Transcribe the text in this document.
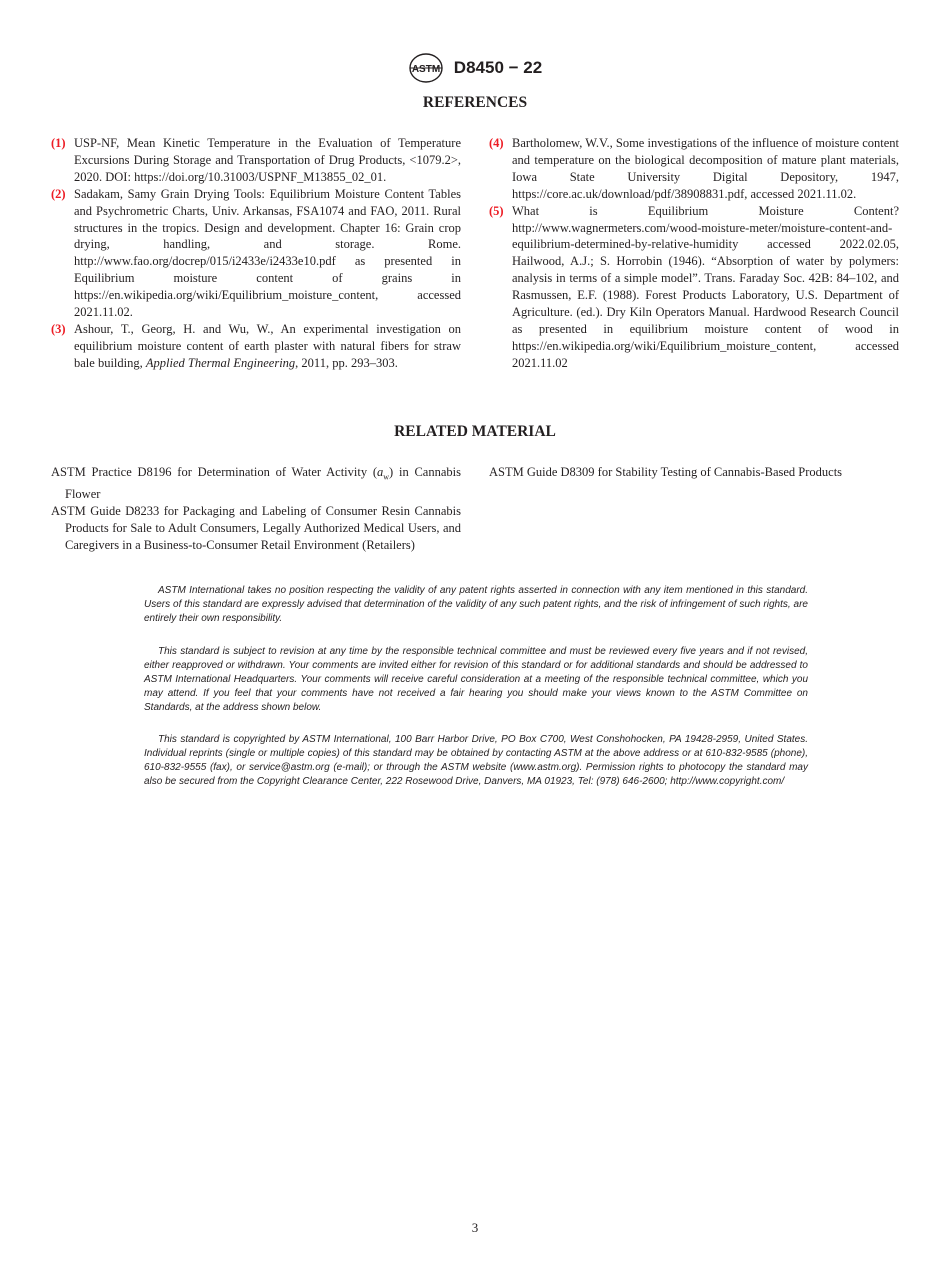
ASTM D8450 − 22
REFERENCES
(1) USP-NF, Mean Kinetic Temperature in the Evaluation of Temperature Excursions During Storage and Transportation of Drug Products, <1079.2>, 2020. DOI: https://doi.org/10.31003/USPNF_M13855_02_01.
(2) Sadakam, Samy Grain Drying Tools: Equilibrium Moisture Content Tables and Psychrometric Charts, Univ. Arkansas, FSA1074 and FAO, 2011. Rural structures in the tropics. Design and development. Chapter 16: Grain crop drying, handling, and storage. Rome. http://www.fao.org/docrep/015/i2433e/i2433e10.pdf as presented in Equilibrium moisture content of grains in https://en.wikipedia.org/wiki/Equilibrium_moisture_content, accessed 2021.11.02.
(3) Ashour, T., Georg, H. and Wu, W., An experimental investigation on equilibrium moisture content of earth plaster with natural fibers for straw bale building, Applied Thermal Engineering, 2011, pp. 293–303.
(4) Bartholomew, W.V., Some investigations of the influence of moisture content and temperature on the biological decomposition of mature plant materials, Iowa State University Digital Depository, 1947, https://core.ac.uk/download/pdf/38908831.pdf, accessed 2021.11.02.
(5) What is Equilibrium Moisture Content? http://www.wagnermeters.com/wood-moisture-meter/moisture-content-and- equilibrium-determined-by-relative-humidity accessed 2022.02.05, Hailwood, A.J.; S. Horrobin (1946). “Absorption of water by polymers: analysis in terms of a simple model”. Trans. Faraday Soc. 42B: 84–102, and Rasmussen, E.F. (1988). Forest Products Laboratory, U.S. Department of Agriculture. (ed.). Dry Kiln Operators Manual. Hardwood Research Council as presented in equilibrium moisture content of wood in https://en.wikipedia.org/wiki/Equilibrium_moisture_content, accessed 2021.11.02
RELATED MATERIAL
ASTM Practice D8196 for Determination of Water Activity $(a_w)$ in Cannabis Flower
ASTM Guide D8233 for Packaging and Labeling of Consumer Resin Cannabis Products for Sale to Adult Consumers, Legally Authorized Medical Users, and Caregivers in a Business-to-Consumer Retail Environment (Retailers)
ASTM Guide D8309 for Stability Testing of Cannabis-Based Products
ASTM International takes no position respecting the validity of any patent rights asserted in connection with any item mentioned in this standard. Users of this standard are expressly advised that determination of the validity of any such patent rights, and the risk of infringement of such rights, are entirely their own responsibility.
This standard is subject to revision at any time by the responsible technical committee and must be reviewed every five years and if not revised, either reapproved or withdrawn. Your comments are invited either for revision of this standard or for additional standards and should be addressed to ASTM International Headquarters. Your comments will receive careful consideration at a meeting of the responsible technical committee, which you may attend. If you feel that your comments have not received a fair hearing you should make your views known to the ASTM Committee on Standards, at the address shown below.
This standard is copyrighted by ASTM International, 100 Barr Harbor Drive, PO Box C700, West Conshohocken, PA 19428-2959, United States. Individual reprints (single or multiple copies) of this standard may be obtained by contacting ASTM at the above address or at 610-832-9585 (phone), 610-832-9555 (fax), or service@astm.org (e-mail); or through the ASTM website (www.astm.org). Permission rights to photocopy the standard may also be secured from the Copyright Clearance Center, 222 Rosewood Drive, Danvers, MA 01923, Tel: (978) 646-2600; http://www.copyright.com/
3
